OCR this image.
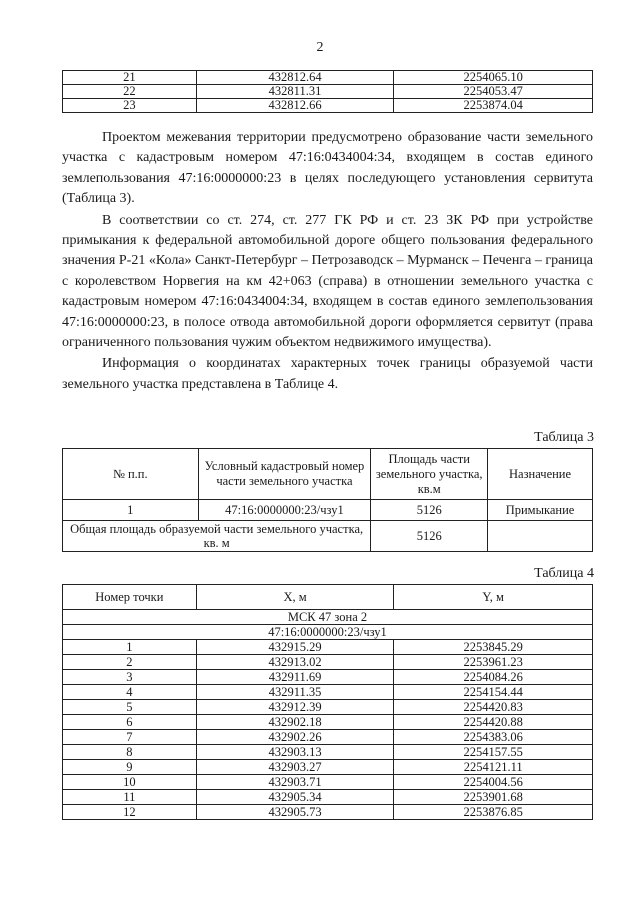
2
21	432812.64	2254065.10
22	432811.31	2254053.47
23	432812.66	2253874.04

Проектом межевания территории предусмотрено образование части земельного участка с кадастровым номером 47:16:0434004:34, входящем в состав единого землепользования 47:16:0000000:23 в целях последующего установления сервитута (Таблица 3).

В соответствии со ст. 274, ст. 277 ГК РФ и ст. 23 ЗК РФ при устройстве примыкания к федеральной автомобильной дороге общего пользования федерального значения Р-21 «Кола» Санкт-Петербург – Петрозаводск – Мурманск – Печенга – граница с королевством Норвегия на км 42+063 (справа) в отношении земельного участка с кадастровым номером 47:16:0434004:34, входящем в состав единого землепользования 47:16:0000000:23, в полосе отвода автомобильной дороги оформляется сервитут (права ограниченного пользования чужим объектом недвижимого имущества).

Информация о координатах характерных точек границы образуемой части земельного участка представлена в Таблице 4.

Таблица 3
№ п.п.	Условный кадастровый номер части земельного участка	Площадь части земельного участка, кв.м	Назначение
1	47:16:0000000:23/чзу1	5126	Примыкание
Общая площадь образуемой части земельного участка, кв. м		5126	
Таблица 4
Номер точки	X, м	Y, м
МСК 47 зона 2		
47:16:0000000:23/чзу1		
1	432915.29	2253845.29
2	432913.02	2253961.23
3	432911.69	2254084.26
4	432911.35	2254154.44
5	432912.39	2254420.83
6	432902.18	2254420.88
7	432902.26	2254383.06
8	432903.13	2254157.55
9	432903.27	2254121.11
10	432903.71	2254004.56
11	432905.34	2253901.68
12	432905.73	2253876.85
